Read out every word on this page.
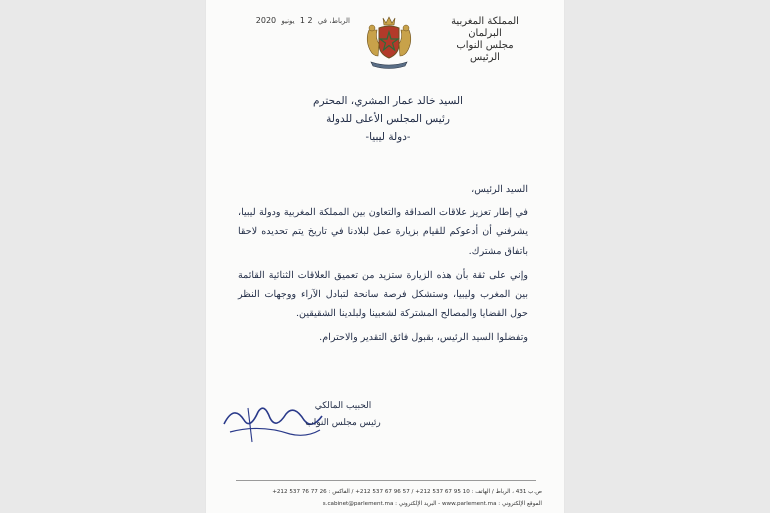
الرباط، في 2 1 يونيو 2020	المملكة المغربية
البرلمان
مجلس النواب
الرئيس
السيد خالد عمار المشري، المحترم
رئيس المجلس الأعلى للدولة
-دولة ليبيا-

السيد الرئيس،

في إطار تعزيز علاقات الصداقة والتعاون بين المملكة المغربية ودولة ليبيا، يشرفني أن أدعوكم للقيام بزيارة عمل لبلادنا في تاريخ يتم تحديده لاحقا باتفاق مشترك.

وإني على ثقة بأن هذه الزيارة ستزيد من تعميق العلاقات الثنائية القائمة بين المغرب وليبيا، وستشكل فرصة سانحة لتبادل الآراء ووجهات النظر حول القضايا والمصالح المشتركة لشعبينا ولبلدينا الشقيقين.

وتفضلوا السيد الرئيس، بقبول فائق التقدير والاحترام.

الحبيب المالكي
رئيس مجلس النواب
ص.ب 431 ، الرباط / الهاتف : 10 95 67 537 212+ / 57 96 67 537 212+ / الفاكس : 26 77 76 537 212+
الموقع الإلكتروني : www.parlement.ma - البريد الإلكتروني : s.cabinet@parlement.ma
